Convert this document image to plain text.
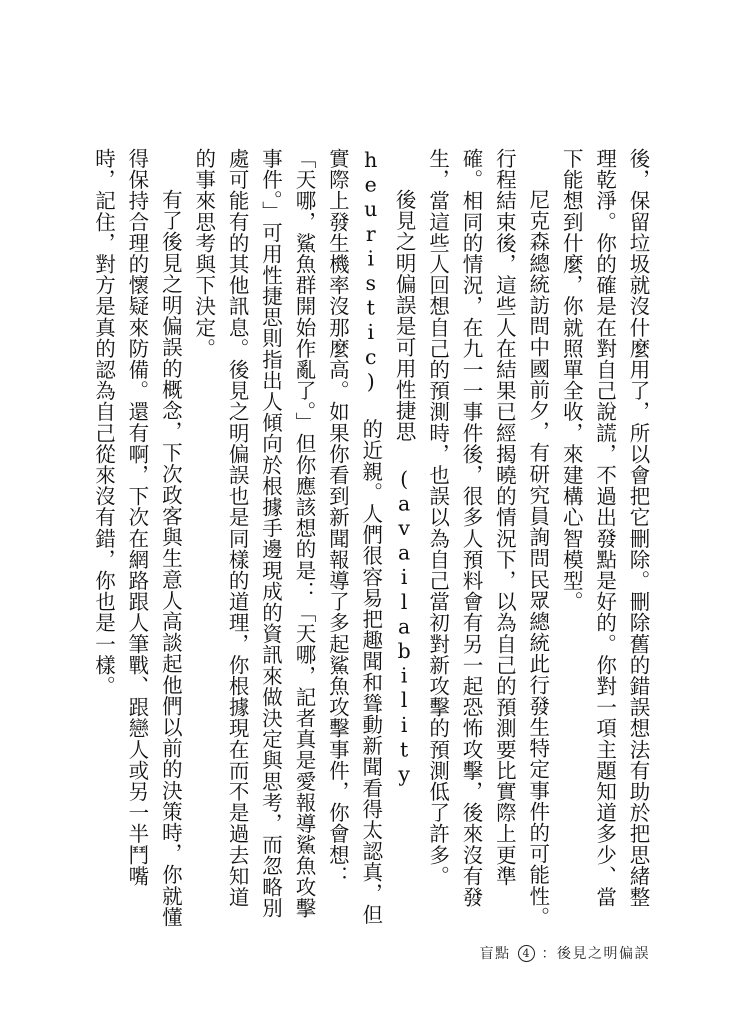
後，保留垃圾就沒什麼用了，所以會把它刪除。刪除舊的錯誤想法有助於把思緒整理乾淨。你的確是在對自己說謊，不過出發點是好的。你對一項主題知道多少、當下能想到什麼，你就照單全收，來建構心智模型。

尼克森總統訪問中國前夕，有研究員詢問民眾總統此行發生特定事件的可能性。行程結束後，這些人在結果已經揭曉的情況下，以為自己的預測要比實際上更準確。相同的情況，在九一一事件後，很多人預料會有另一起恐怖攻擊，後來沒有發生，當這些人回想自己的預測時，也誤以為自己當初對新攻擊的預測低了許多。

後見之明偏誤是可用性捷思 (availability heuristic) 的近親。人們很容易把趣聞和聳動新聞看得太認真，但實際上發生機率沒那麼高。如果你看到新聞報導了多起鯊魚攻擊事件，你會想：「天哪，鯊魚群開始作亂了。」但你應該想的是：「天哪，記者真是愛報導鯊魚攻擊事件。」可用性捷思則指出人傾向於根據手邊現成的資訊來做決定與思考，而忽略別處可能有的其他訊息。後見之明偏誤也是同樣的道理，你根據現在而不是過去知道的事來思考與下決定。

有了後見之明偏誤的概念，下次政客與生意人高談起他們以前的決策時，你就懂得保持合理的懷疑來防備。還有啊，下次在網路跟人筆戰、跟戀人或另一半鬥嘴時，記住，對方是真的認為自己從來沒有錯，你也是一樣。

盲點 4 ：後見之明偏誤
